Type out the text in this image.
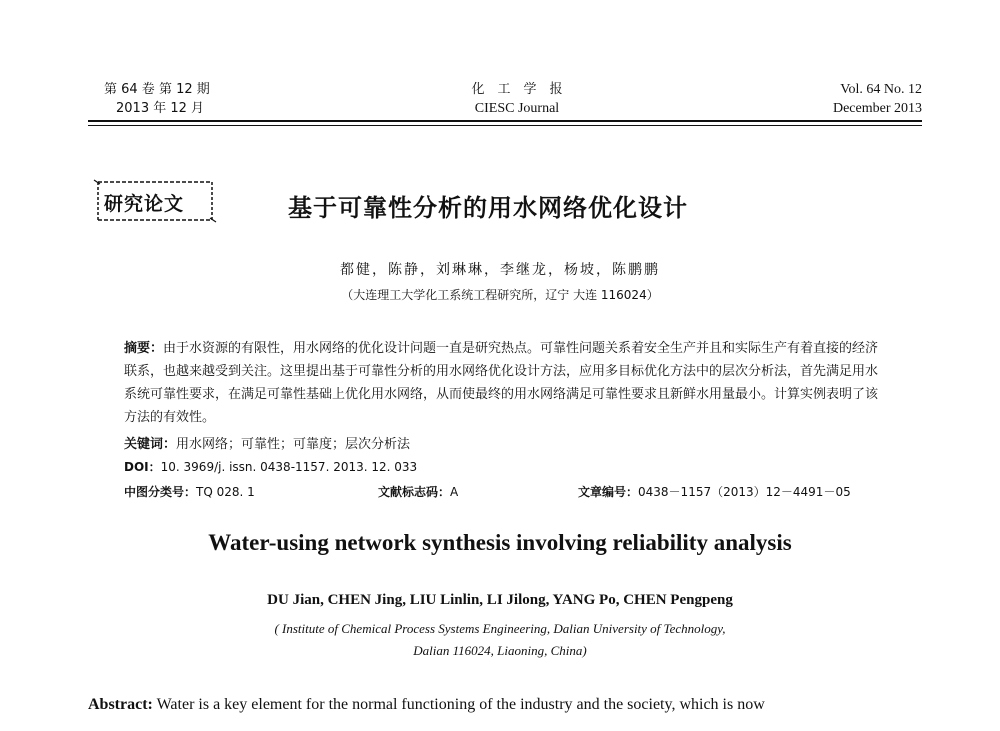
第 64 卷 第 12 期
2013 年 12 月
化工学报
CIESC Journal
Vol. 64 No. 12
December 2013
研究论文	基于可靠性分析的用水网络优化设计
都健，陈静，刘琳琳，李继龙，杨坡，陈鹏鹏
（大连理工大学化工系统工程研究所，辽宁 大连 116024）
摘要：由于水资源的有限性，用水网络的优化设计问题一直是研究热点。可靠性问题关系着安全生产并且和实际生产有着直接的经济联系，也越来越受到关注。这里提出基于可靠性分析的用水网络优化设计方法，应用多目标优化方法中的层次分析法，首先满足用水系统可靠性要求，在满足可靠性基础上优化用水网络，从而使最终的用水网络满足可靠性要求且新鲜水用量最小。计算实例表明了该方法的有效性。
关键词：用水网络；可靠性；可靠度；层次分析法
DOI：10. 3969/j. issn. 0438-1157. 2013. 12. 033
中图分类号：TQ 028. 1	文献标志码：A	文章编号：0438－1157（2013）12－4491－05
Water-using network synthesis involving reliability analysis
DU Jian, CHEN Jing, LIU Linlin, LI Jilong, YANG Po, CHEN Pengpeng
( Institute of Chemical Process Systems Engineering, Dalian University of Technology,
Dalian 116024, Liaoning, China)
Abstract: Water is a key element for the normal functioning of the industry and the society, which is now
